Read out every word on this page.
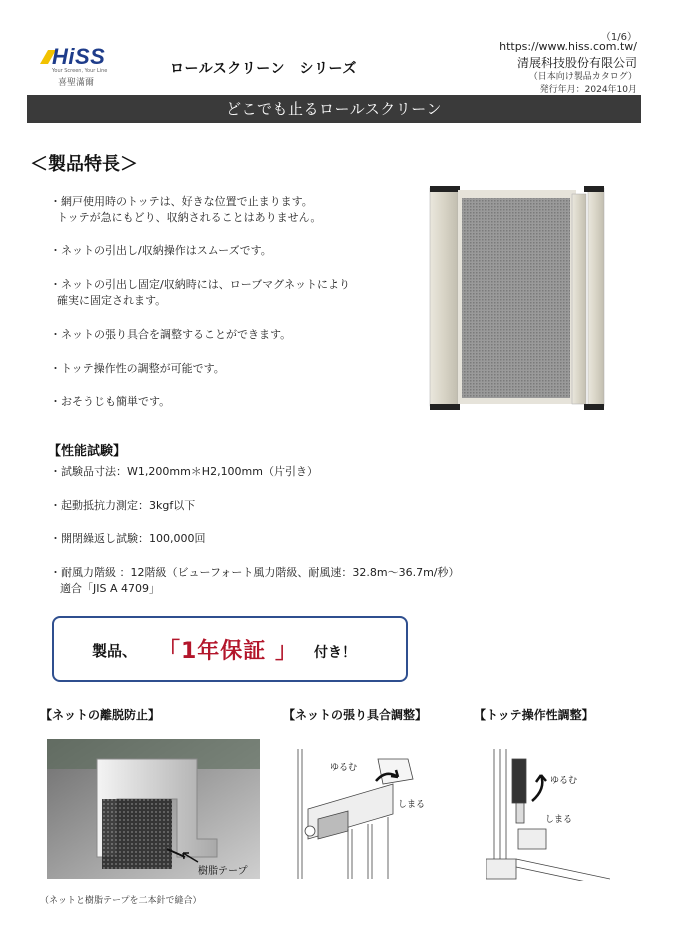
HiSS
Your Screen, Your Line
喜聖滿爾
ロールスクリーン　シリーズ
（1/6）
https://www.hiss.com.tw/
清展科技股份有限公司
（日本向け製品カタログ）
発行年月：2024年10月
どこでも止るロールスクリーン
＜製品特長＞
・網戸使用時のトッテは、好きな位置で止まります。
トッテが急にもどり、収納されることはありません。
・ネットの引出し/収納操作はスムーズです。
・ネットの引出し固定/収納時には、ローブマグネットにより
確実に固定されます。
・ネットの張り具合を調整することができます。
・トッテ操作性の調整が可能です。
・おそうじも簡単です。
【性能試験】
・試験品寸法：W1,200mm＊H2,100mm（片引き）
・起動抵抗力測定：3kgf以下
・開閉繰返し試験：100,000回
・耐風力階級 ：12階級（ビューフォート風力階級、耐風速：32.8m～36.7m/秒）
適合「JIS A 4709」
製品、 「1年保証 」 付き！
【ネットの離脱防止】	【ネットの張り具合調整】	【トッテ操作性調整】
樹脂テープ
（ネットと樹脂テープを二本針で縫合）
ゆるむ
しまる
ゆるむ
しまる
